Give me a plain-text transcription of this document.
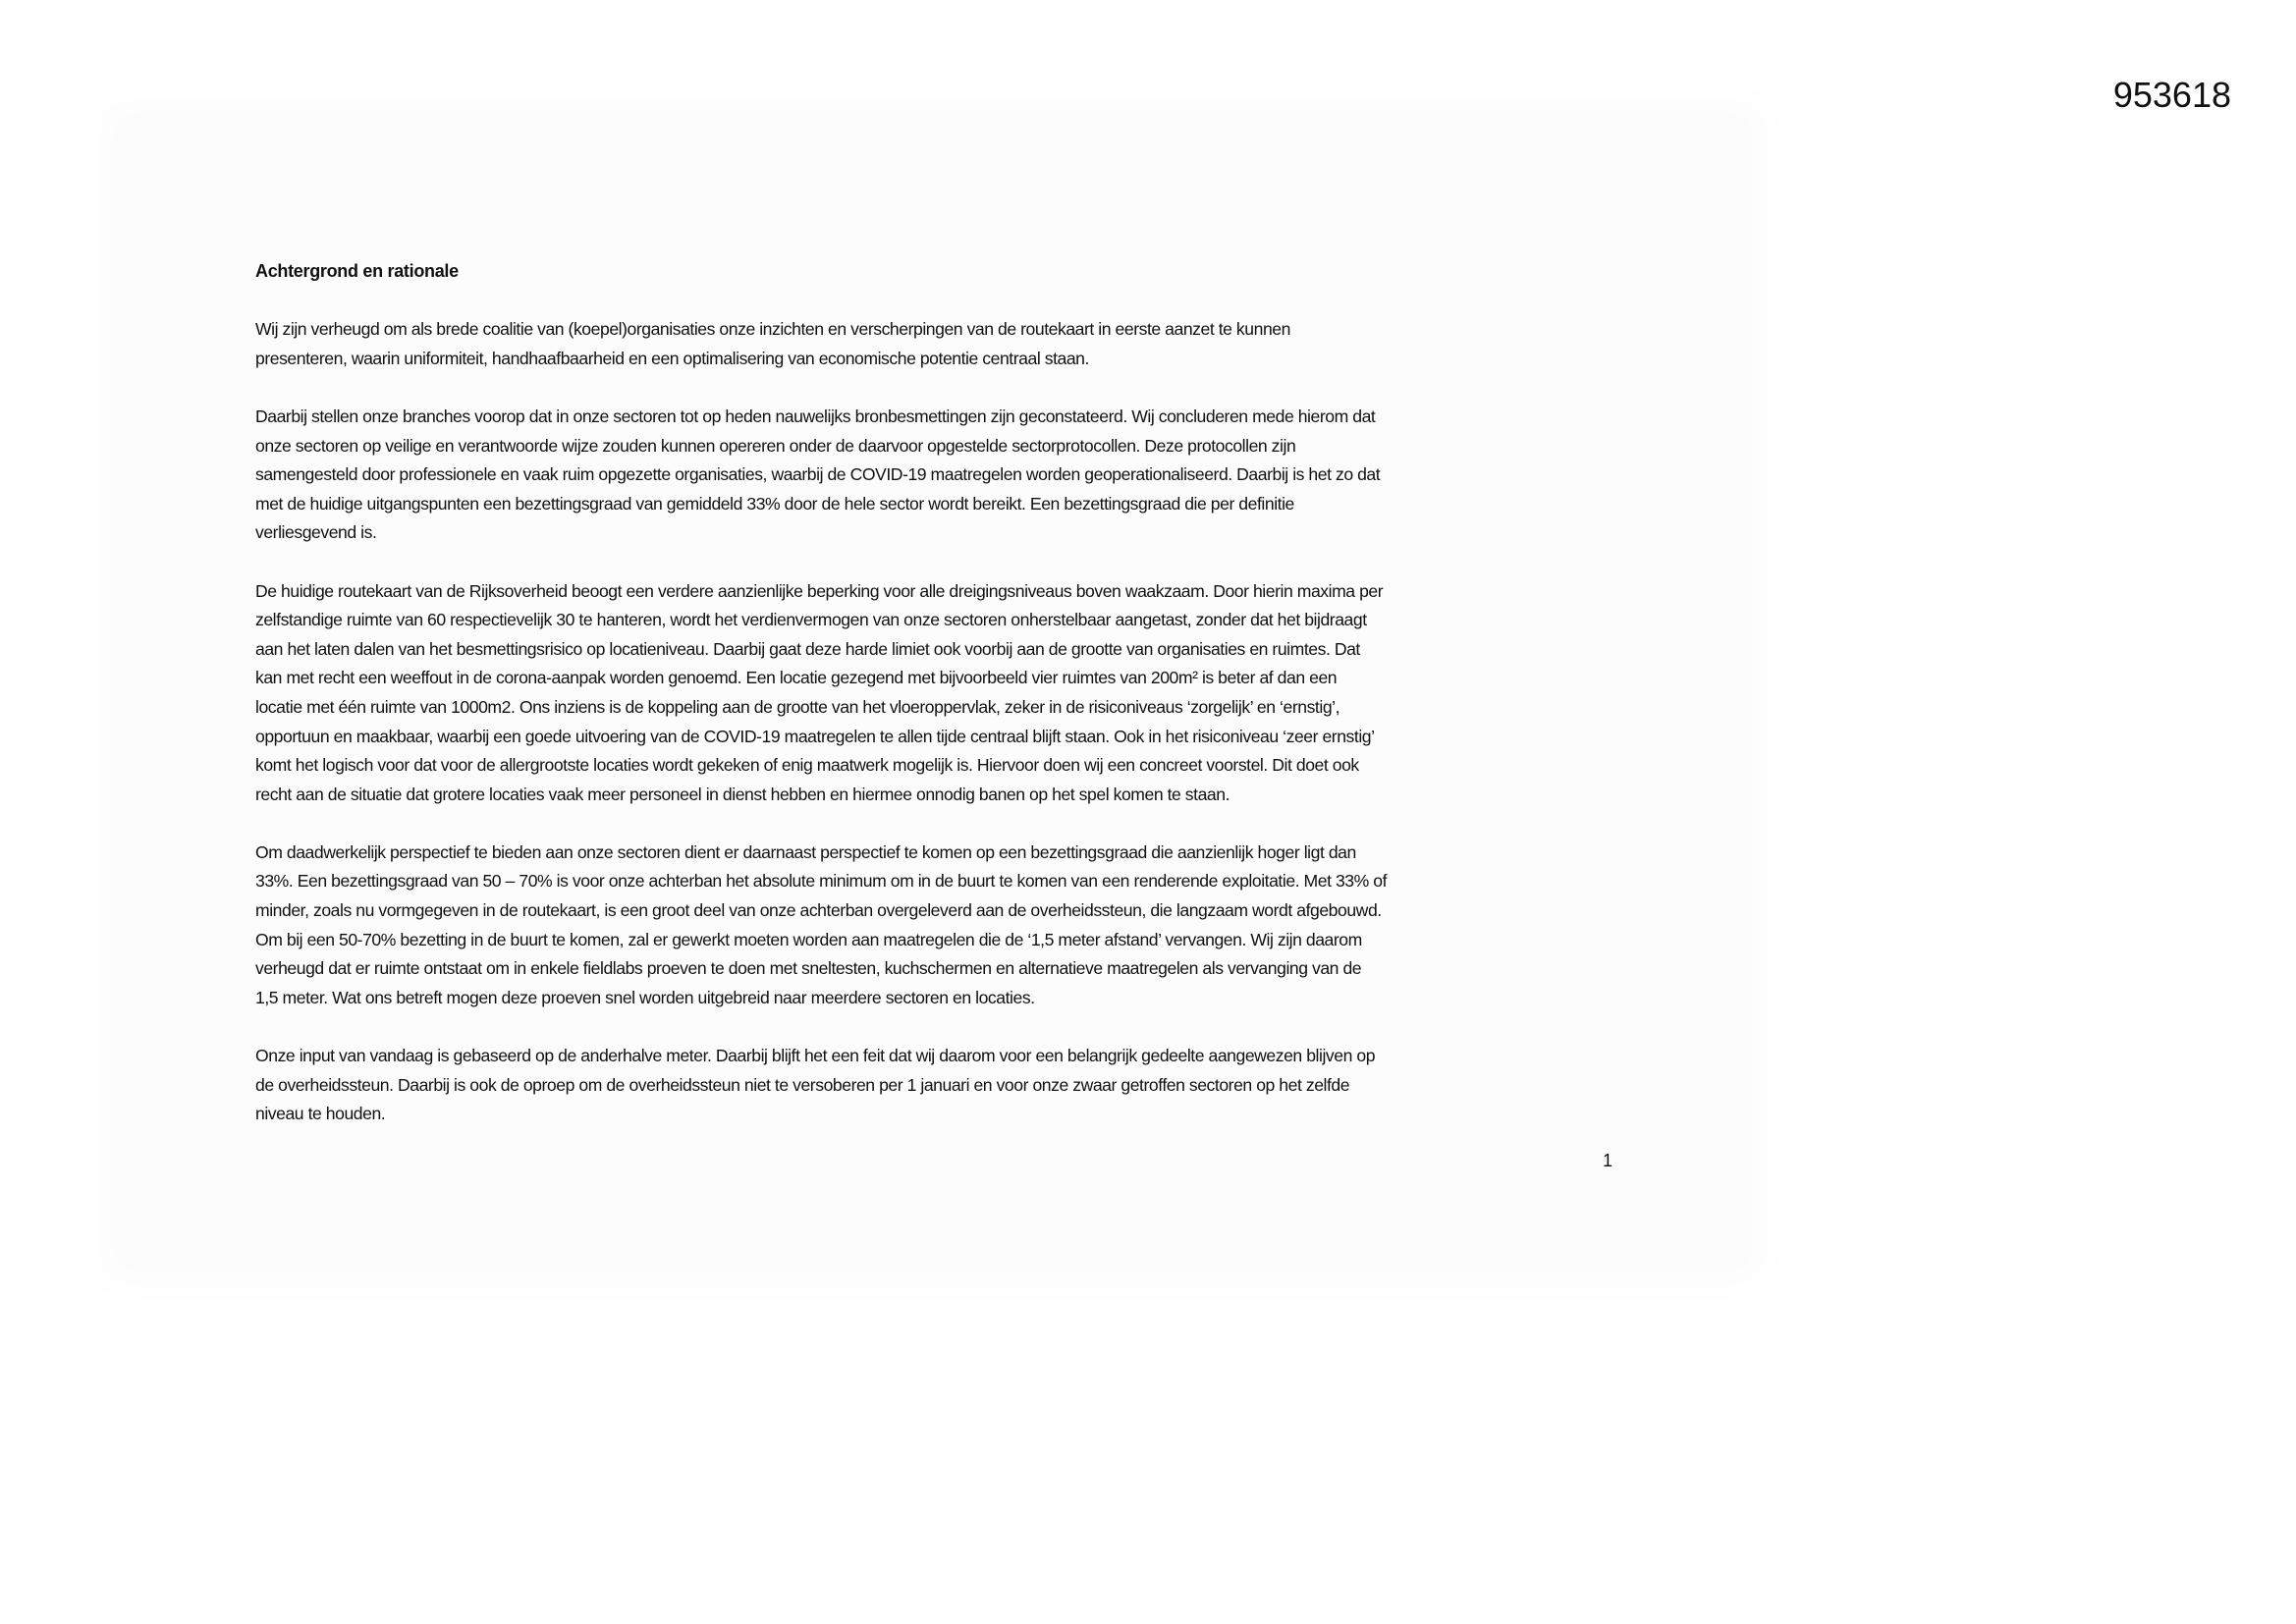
953618
Achtergrond en rationale
Wij zijn verheugd om als brede coalitie van (koepel)organisaties onze inzichten en verscherpingen van de routekaart in eerste aanzet te kunnen
presenteren, waarin uniformiteit, handhaafbaarheid en een optimalisering van economische potentie centraal staan.
Daarbij stellen onze branches voorop dat in onze sectoren tot op heden nauwelijks bronbesmettingen zijn geconstateerd. Wij concluderen mede hierom dat
onze sectoren op veilige en verantwoorde wijze zouden kunnen opereren onder de daarvoor opgestelde sectorprotocollen. Deze protocollen zijn
samengesteld door professionele en vaak ruim opgezette organisaties, waarbij de COVID-19 maatregelen worden geoperationaliseerd. Daarbij is het zo dat
met de huidige uitgangspunten een bezettingsgraad van gemiddeld 33% door de hele sector wordt bereikt. Een bezettingsgraad die per definitie
verliesgevend is.
De huidige routekaart van de Rijksoverheid beoogt een verdere aanzienlijke beperking voor alle dreigingsniveaus boven waakzaam. Door hierin maxima per
zelfstandige ruimte van 60 respectievelijk 30 te hanteren, wordt het verdienvermogen van onze sectoren onherstelbaar aangetast, zonder dat het bijdraagt
aan het laten dalen van het besmettingsrisico op locatieniveau. Daarbij gaat deze harde limiet ook voorbij aan de grootte van organisaties en ruimtes. Dat
kan met recht een weeffout in de corona-aanpak worden genoemd. Een locatie gezegend met bijvoorbeeld vier ruimtes van 200m² is beter af dan een
locatie met één ruimte van 1000m2. Ons inziens is de koppeling aan de grootte van het vloeroppervlak, zeker in de risiconiveaus ‘zorgelijk’ en ‘ernstig’,
opportuun en maakbaar, waarbij een goede uitvoering van de COVID-19 maatregelen te allen tijde centraal blijft staan. Ook in het risiconiveau ‘zeer ernstig’
komt het logisch voor dat voor de allergrootste locaties wordt gekeken of enig maatwerk mogelijk is. Hiervoor doen wij een concreet voorstel. Dit doet ook
recht aan de situatie dat grotere locaties vaak meer personeel in dienst hebben en hiermee onnodig banen op het spel komen te staan.
Om daadwerkelijk perspectief te bieden aan onze sectoren dient er daarnaast perspectief te komen op een bezettingsgraad die aanzienlijk hoger ligt dan
33%. Een bezettingsgraad van 50 – 70% is voor onze achterban het absolute minimum om in de buurt te komen van een renderende exploitatie. Met 33% of
minder, zoals nu vormgegeven in de routekaart, is een groot deel van onze achterban overgeleverd aan de overheidssteun, die langzaam wordt afgebouwd.
Om bij een 50-70% bezetting in de buurt te komen, zal er gewerkt moeten worden aan maatregelen die de ‘1,5 meter afstand’ vervangen. Wij zijn daarom
verheugd dat er ruimte ontstaat om in enkele fieldlabs proeven te doen met sneltesten, kuchschermen en alternatieve maatregelen als vervanging van de
1,5 meter. Wat ons betreft mogen deze proeven snel worden uitgebreid naar meerdere sectoren en locaties.
Onze input van vandaag is gebaseerd op de anderhalve meter. Daarbij blijft het een feit dat wij daarom voor een belangrijk gedeelte aangewezen blijven op
de overheidssteun. Daarbij is ook de oproep om de overheidssteun niet te versoberen per 1 januari en voor onze zwaar getroffen sectoren op het zelfde
niveau te houden.
1
